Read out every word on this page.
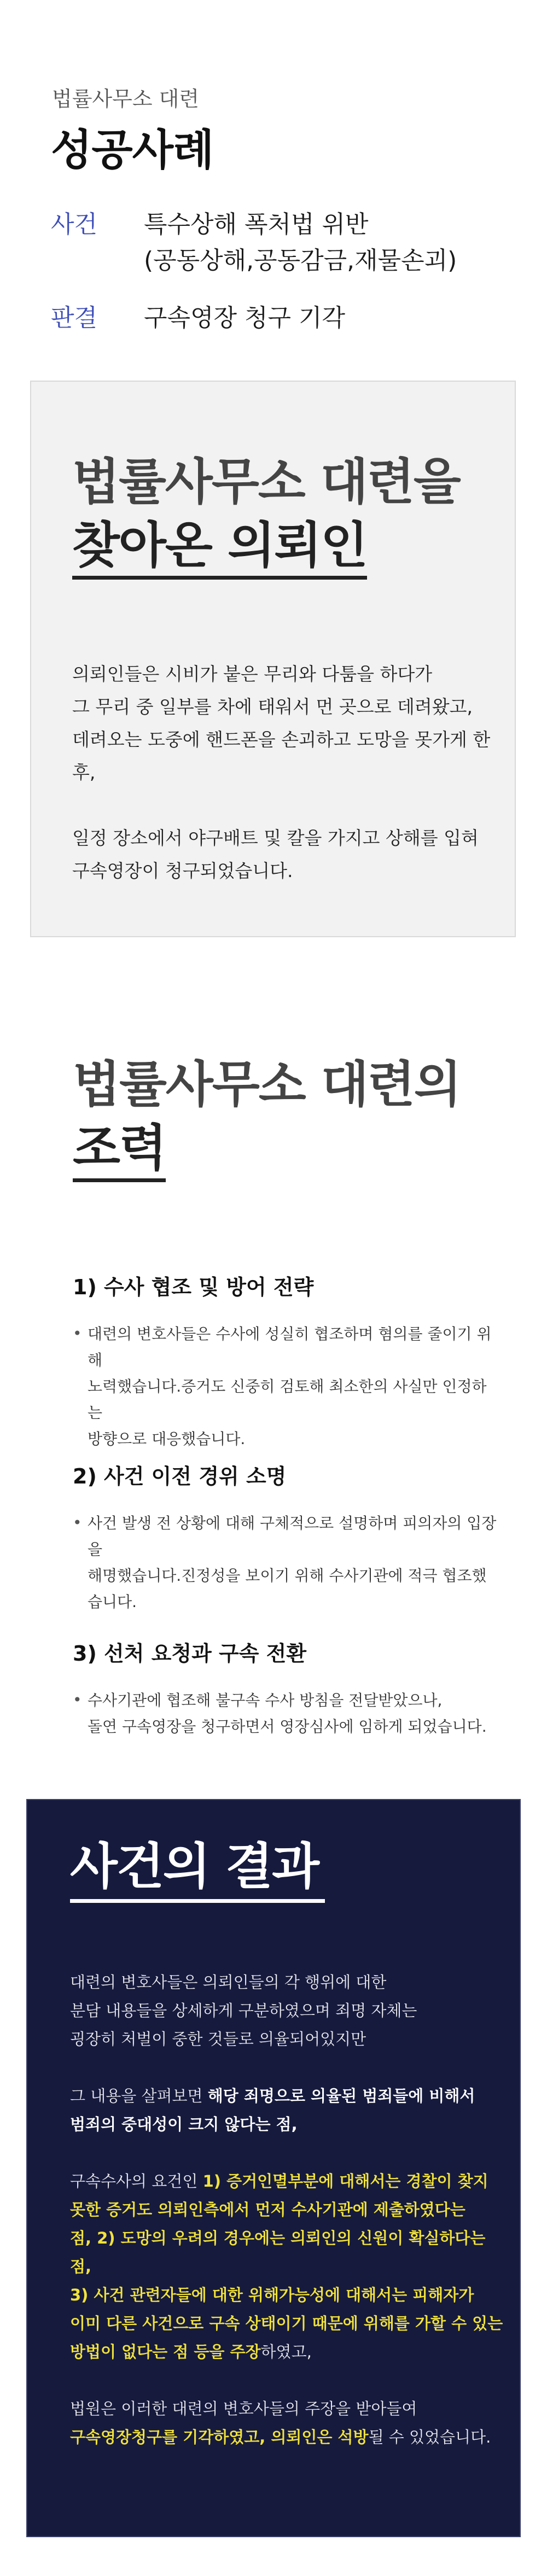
법률사무소 대련
성공사례
사건	특수상해 폭처법 위반
(공동상해,공동감금,재물손괴)
판결	구속영장 청구 기각
법률사무소 대련을
찾아온 의뢰인

의뢰인들은 시비가 붙은 무리와 다툼을 하다가

그 무리 중 일부를 차에 태워서 먼 곳으로 데려왔고,

데려오는 도중에 핸드폰을 손괴하고 도망을 못가게 한 후,

일정 장소에서 야구배트 및 칼을 가지고 상해를 입혀

구속영장이 청구되었습니다.

법률사무소 대련의
조력
1) 수사 협조 및 방어 전략
• 대련의 변호사들은 수사에 성실히 협조하며 혐의를 줄이기 위해
노력했습니다.증거도 신중히 검토해 최소한의 사실만 인정하는
방향으로 대응했습니다.
2) 사건 이전 경위 소명
• 사건 발생 전 상황에 대해 구체적으로 설명하며 피의자의 입장을
해명했습니다.진정성을 보이기 위해 수사기관에 적극 협조했습니다.
3) 선처 요청과 구속 전환
• 수사기관에 협조해 불구속 수사 방침을 전달받았으나,
돌연 구속영장을 청구하면서 영장심사에 임하게 되었습니다.
사건의 결과

대련의 변호사들은 의뢰인들의 각 행위에 대한

분담 내용들을 상세하게 구분하였으며 죄명 자체는

굉장히 처벌이 중한 것들로 의율되어있지만

그 내용을 살펴보면 해당 죄명으로 의율된 범죄들에 비해서

범죄의 중대성이 크지 않다는 점,

구속수사의 요건인 1) 증거인멸부분에 대해서는 경찰이 찾지

못한 증거도 의뢰인측에서 먼저 수사기관에 제출하였다는

점, 2) 도망의 우려의 경우에는 의뢰인의 신원이 확실하다는 점,

3) 사건 관련자들에 대한 위해가능성에 대해서는 피해자가

이미 다른 사건으로 구속 상태이기 때문에 위해를 가할 수 있는

방법이 없다는 점 등을 주장하였고,

법원은 이러한 대련의 변호사들의 주장을 받아들여

구속영장청구를 기각하였고, 의뢰인은 석방될 수 있었습니다.
